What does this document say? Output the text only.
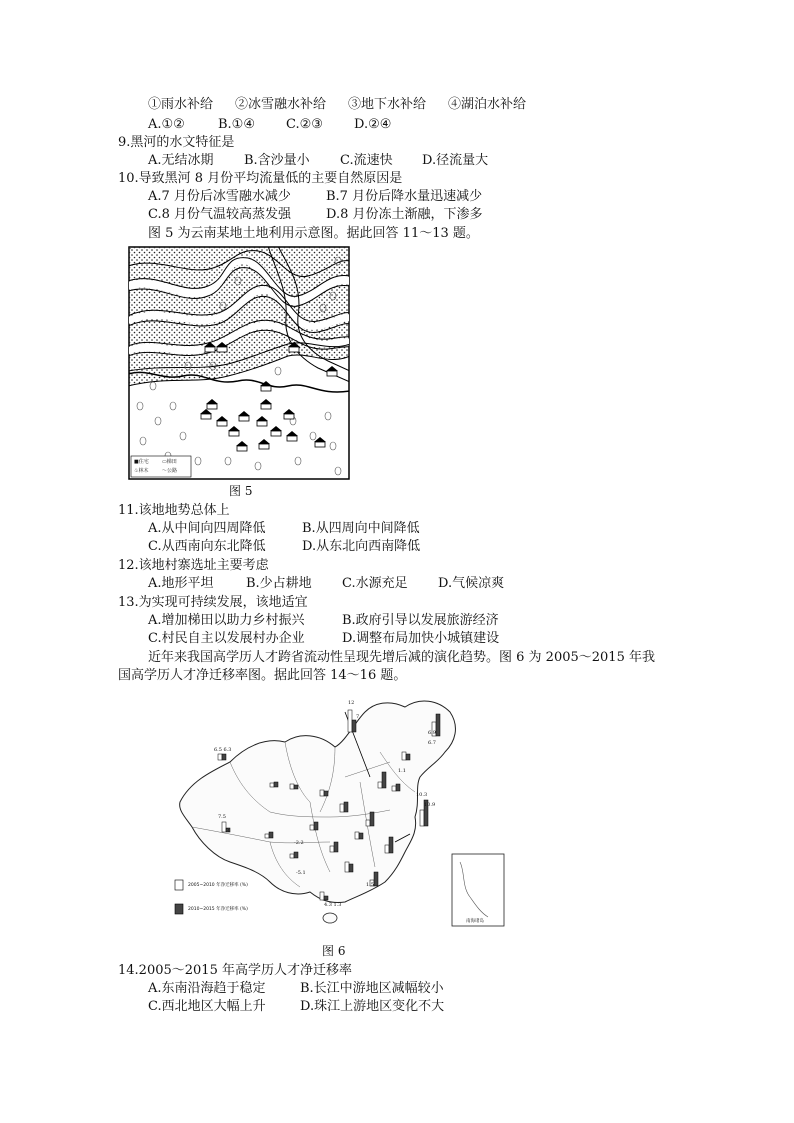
①雨水补给 ②冰雪融水补给 ③地下水补给 ④湖泊水补给
A.①②	B.①④ C.②③ D.②④
9.黑河的水文特征是
A.无结冰期 B.含沙量小 C.流速快 D.径流量大
10.导致黑河 8 月份平均流量低的主要自然原因是
A.7 月份后冰雪融水减少	B.7 月份后降水量迅速减少
C.8 月份气温较高蒸发强	D.8 月份冻土渐融，下渗多
图 5 为云南某地土地利用示意图。据此回答 11～13 题。
■住宅	▭梯田
♧林木	～公路
图 5
11.该地地势总体上
A.从中间向四周降低	B.从四周向中间降低
C.从西南向东北降低	D.从东北向西南降低
12.该地村寨选址主要考虑
A.地形平坦 B.少占耕地 C.水源充足 D.气候凉爽
13.为实现可持续发展，该地适宜
A.增加梯田以助力乡村振兴	B.政府引导以发展旅游经济
C.村民自主以发展村办企业	D.调整布局加快小城镇建设
近年来我国高学历人才跨省流动性呈现先增后减的演化趋势。图 6 为 2005～2015 年我
国高学历人才净迁移率图。据此回答 14～16 题。
2005~2010 年净迁移率 (%)
2010~2015 年净迁移率 (%)
南海诸岛
12
7
6.9
6.7
6.5 6.3
1.1
10.3
10.9
7.5
3
4.3 1.3
-5.1
1.5
-2.2
图 6
14.2005～2015 年高学历人才净迁移率
A.东南沿海趋于稳定	B.长江中游地区减幅较小
C.西北地区大幅上升	D.珠江上游地区变化不大
